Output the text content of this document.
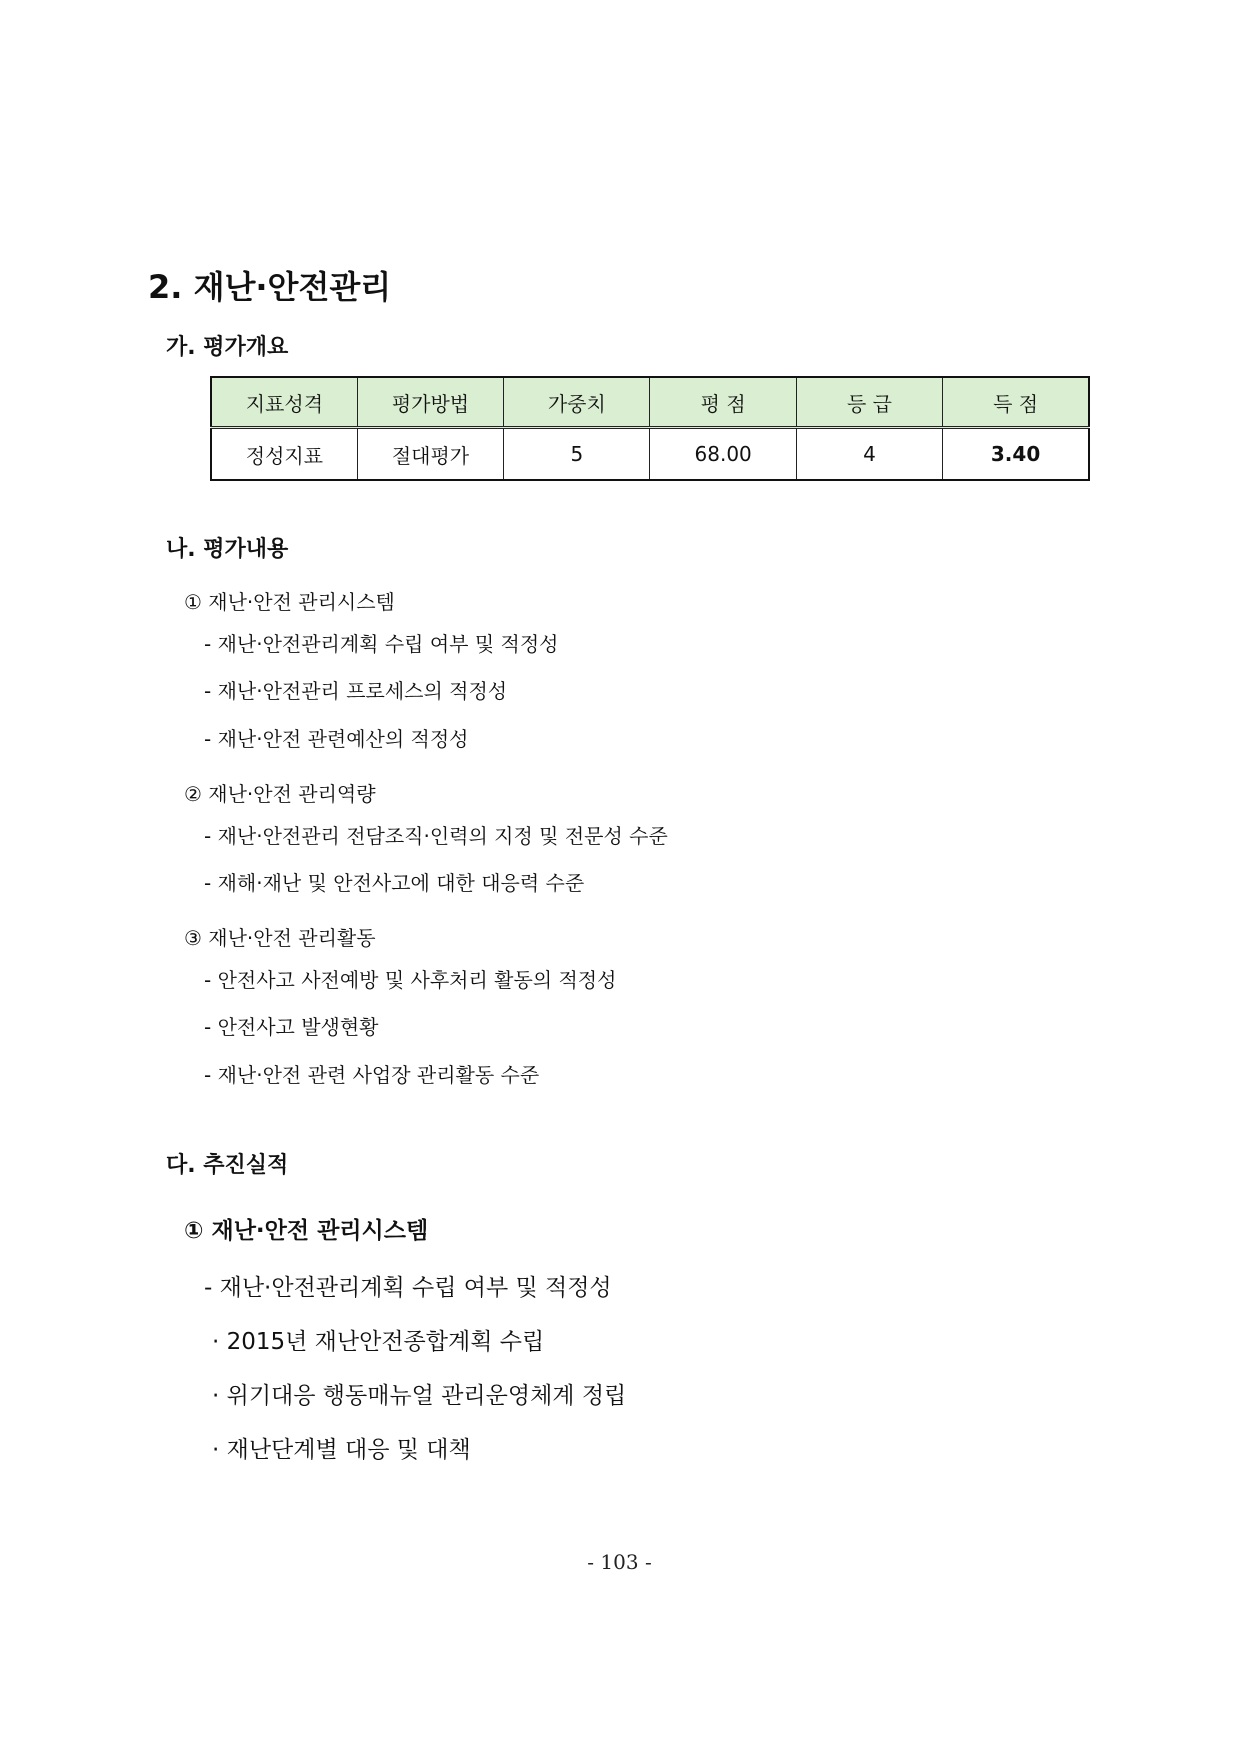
2. 재난·안전관리
가. 평가개요
지표성격	평가방법	가중치	평 점	등 급	득 점
정성지표	절대평가	5	68.00	4	3.40
나. 평가내용
① 재난·안전 관리시스템
- 재난·안전관리계획 수립 여부 및 적정성
- 재난·안전관리 프로세스의 적정성
- 재난·안전 관련예산의 적정성
② 재난·안전 관리역량
- 재난·안전관리 전담조직·인력의 지정 및 전문성 수준
- 재해·재난 및 안전사고에 대한 대응력 수준
③ 재난·안전 관리활동
- 안전사고 사전예방 및 사후처리 활동의 적정성
- 안전사고 발생현황
- 재난·안전 관련 사업장 관리활동 수준
다. 추진실적
① 재난·안전 관리시스템
- 재난·안전관리계획 수립 여부 및 적정성
· 2015년 재난안전종합계획 수립
· 위기대응 행동매뉴얼 관리운영체계 정립
· 재난단계별 대응 및 대책
- 103 -
